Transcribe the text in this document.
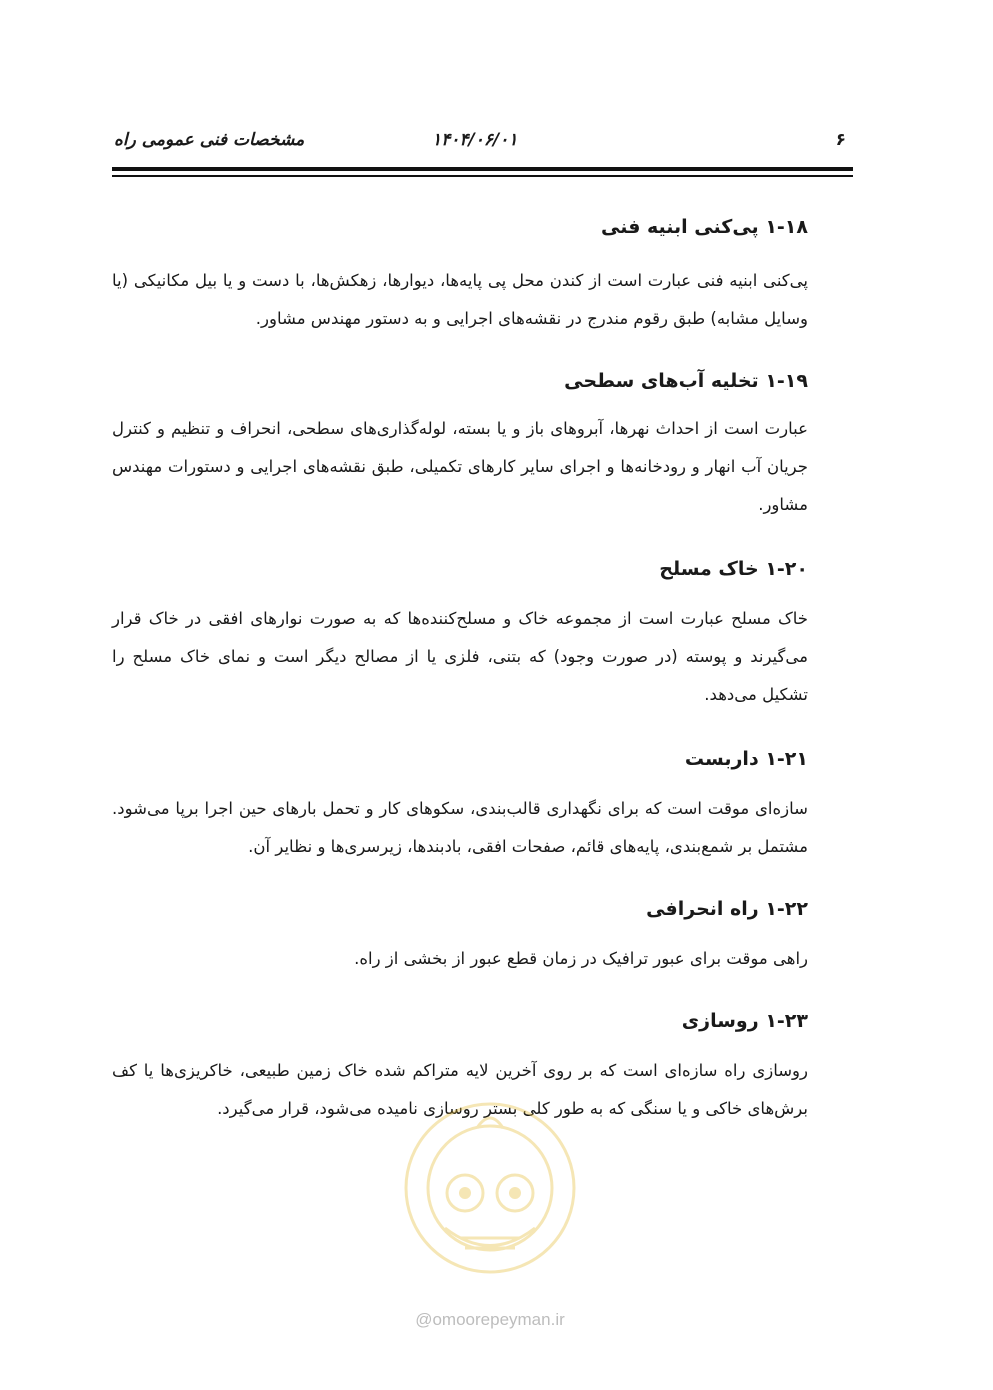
۶
۱۴۰۴/۰۶/۰۱
مشخصات فنی عمومی راه
۱-۱۸ پی‌کنی ابنیه فنی

پی‌کنی ابنیه فنی عبارت است از کندن محل پی پایه‌ها، دیوارها، زهکش‌ها، با دست و یا بیل مکانیکی (یا وسایل مشابه) طبق رقوم مندرج در نقشه‌های اجرایی و به دستور مهندس مشاور.

۱-۱۹ تخلیه آب‌های سطحی

عبارت است از احداث نهرها، آبروهای باز و یا بسته، لوله‌گذاری‌های سطحی، انحراف و تنظیم و کنترل جریان آب انهار و رودخانه‌ها و اجرای سایر کارهای تکمیلی، طبق نقشه‌های اجرایی و دستورات مهندس مشاور.

۱-۲۰ خاک مسلح

خاک مسلح عبارت است از مجموعه خاک و مسلح‌کننده‌ها که به صورت نوارهای افقی در خاک قرار می‌گیرند و پوسته (در صورت وجود) که بتنی، فلزی یا از مصالح دیگر است و نمای خاک مسلح را تشکیل می‌دهد.

۱-۲۱ داربست

سازه‌ای موقت است که برای نگهداری قالب‌بندی، سکوهای کار و تحمل بارهای حین اجرا برپا می‌شود. مشتمل بر شمع‌بندی، پایه‌های قائم، صفحات افقی، بادبندها، زیرسری‌ها و نظایر آن.

۱-۲۲ راه انحرافی

راهی موقت برای عبور ترافیک در زمان قطع عبور از بخشی از راه.

۱-۲۳ روسازی

روسازی راه سازه‌ای است که بر روی آخرین لایه متراکم شده خاک زمین طبیعی، خاکریزی‌ها یا کف برش‌های خاکی و یا سنگی که به طور کلی بستر روسازی نامیده می‌شود، قرار می‌گیرد.

@omoorepeyman.ir
